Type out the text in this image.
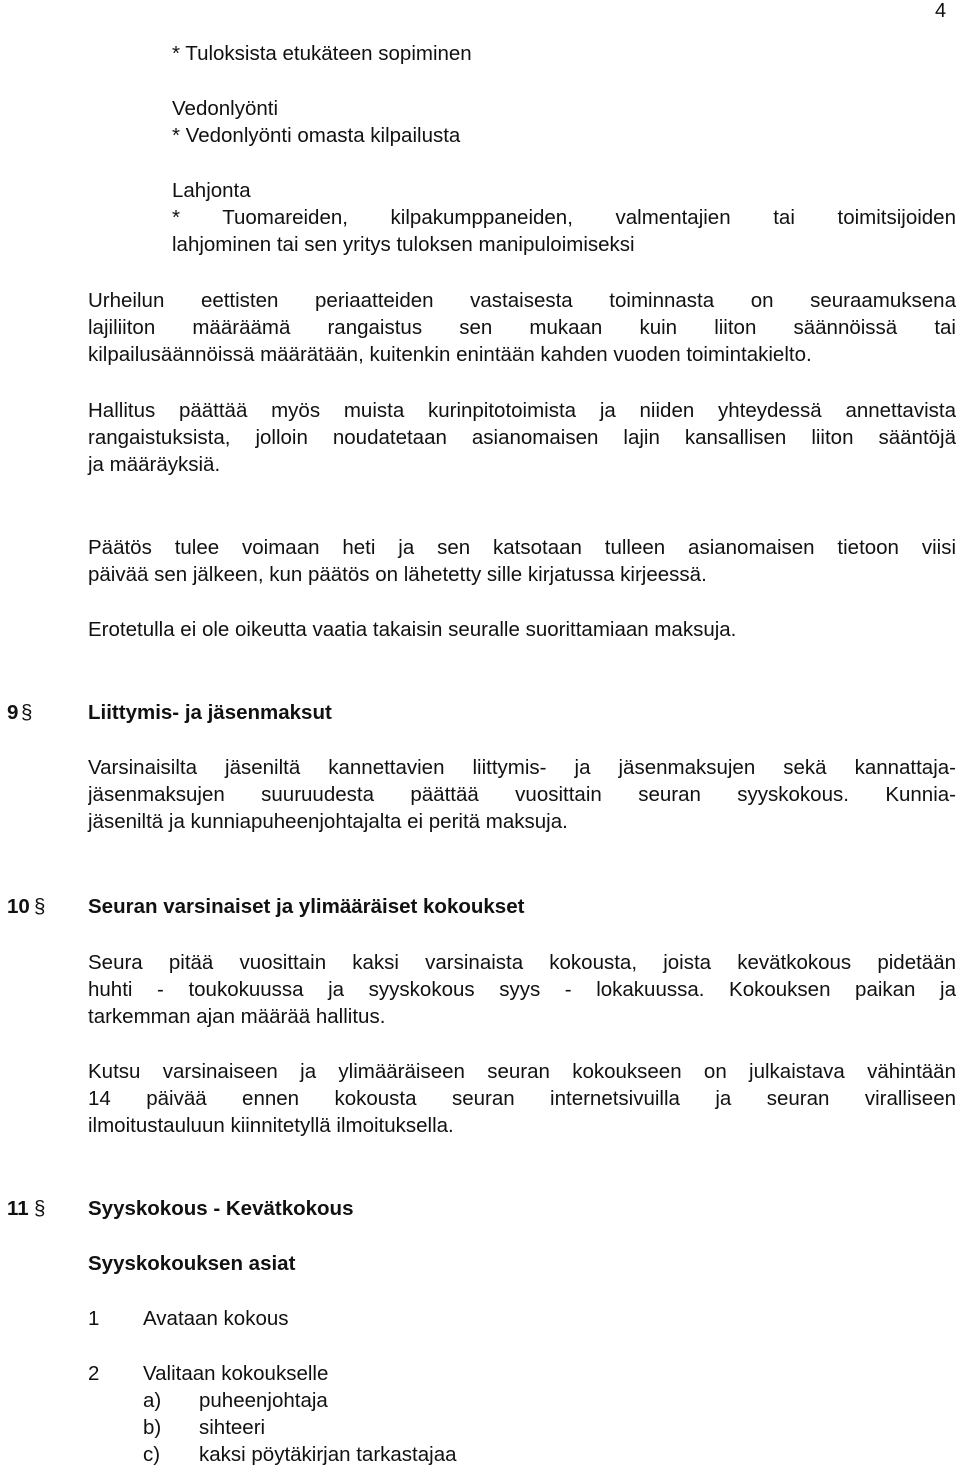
4
* Tuloksista etukäteen sopiminen
Vedonlyönti
* Vedonlyönti omasta kilpailusta
Lahjonta
* Tuomareiden, kilpakumppaneiden, valmentajien tai toimitsijoiden
lahjominen tai sen yritys tuloksen manipuloimiseksi
Urheilun eettisten periaatteiden vastaisesta toiminnasta on seuraamuksena
lajiliiton määräämä rangaistus sen mukaan kuin liiton säännöissä tai
kilpailusäännöissä määrätään, kuitenkin enintään kahden vuoden toimintakielto.
Hallitus päättää myös muista kurinpitotoimista ja niiden yhteydessä annettavista
rangaistuksista, jolloin noudatetaan asianomaisen lajin kansallisen liiton sääntöjä
ja määräyksiä.
Päätös tulee voimaan heti ja sen katsotaan tulleen asianomaisen tietoon viisi
päivää sen jälkeen, kun päätös on lähetetty sille kirjatussa kirjeessä.
Erotetulla ei ole oikeutta vaatia takaisin seuralle suorittamiaan maksuja.
9 §	Liittymis- ja jäsenmaksut
Varsinaisilta jäseniltä kannettavien liittymis- ja jäsenmaksujen sekä kannattaja-
jäsenmaksujen suuruudesta päättää vuosittain seuran syyskokous. Kunnia-
jäseniltä ja kunniapuheenjohtajalta ei peritä maksuja.
10 § Seuran varsinaiset ja ylimääräiset kokoukset
Seura pitää vuosittain kaksi varsinaista kokousta, joista kevätkokous pidetään
huhti - toukokuussa ja syyskokous syys - lokakuussa. Kokouksen paikan ja
tarkemman ajan määrää hallitus.
Kutsu varsinaiseen ja ylimääräiseen seuran kokoukseen on julkaistava vähintään
14 päivää ennen kokousta seuran internetsivuilla ja seuran viralliseen
ilmoitustauluun kiinnitetyllä ilmoituksella.
11 § Syyskokous - Kevätkokous
Syyskokouksen asiat
1 Avataan kokous
2 Valitaan kokoukselle
a) puheenjohtaja
b) sihteeri
c) kaksi pöytäkirjan tarkastajaa
